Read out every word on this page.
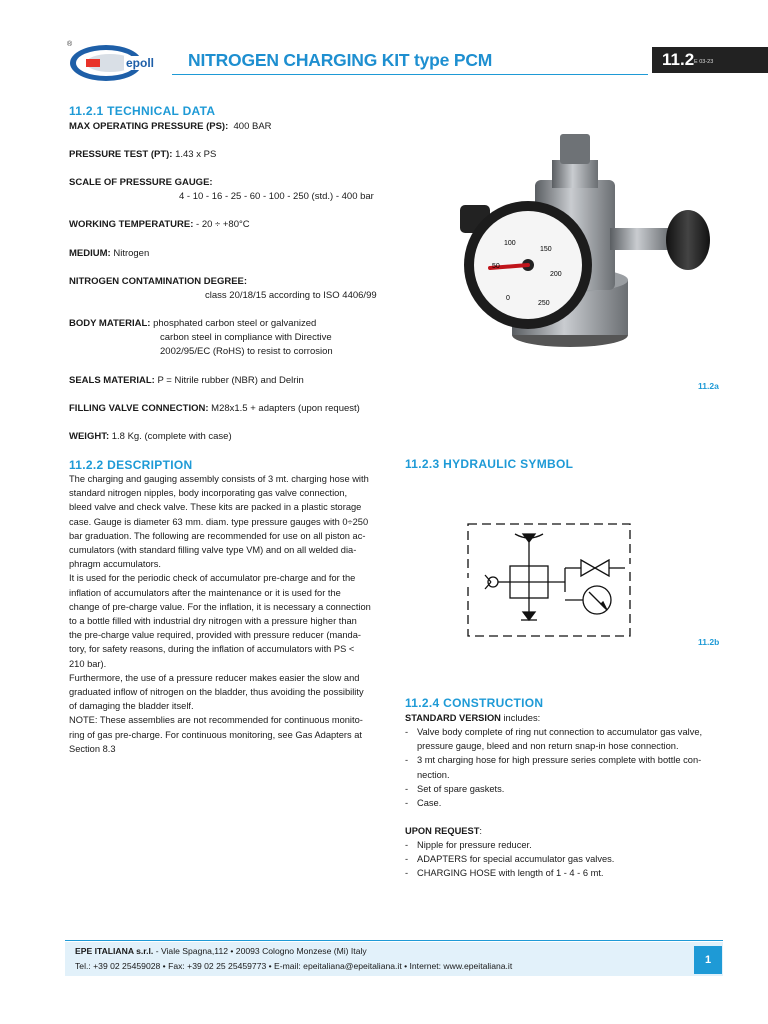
®
epoll NITROGEN CHARGING KIT type PCM	11.2 E 03-23
11.2.1 TECHNICAL DATA
MAX OPERATING PRESSURE (PS): 400 BAR
PRESSURE TEST (PT): 1.43 x PS
SCALE OF PRESSURE GAUGE:
4 - 10 - 16 - 25 - 60 - 100 - 250 (std.) - 400 bar
WORKING TEMPERATURE: - 20 ÷ +80°C
MEDIUM: Nitrogen
NITROGEN CONTAMINATION DEGREE:
class 20/18/15 according to ISO 4406/99
BODY MATERIAL: phosphated carbon steel or galvanized
carbon steel in compliance with Directive
2002/95/EC (RoHS) to resist to corrosion
SEALS MATERIAL: P = Nitrile rubber (NBR) and Delrin
FILLING VALVE CONNECTION: M28x1.5 + adapters (upon request)
WEIGHT: 1.8 Kg. (complete with case)
100
150
50
200
0
250
11.2a
11.2.2 DESCRIPTION
The charging and gauging assembly consists of 3 mt. charging hose with
standard nitrogen nipples, body incorporating gas valve connection,
bleed valve and check valve. These kits are packed in a plastic storage
case. Gauge is diameter 63 mm. diam. type pressure gauges with 0÷250
bar graduation. The following are recommended for use on all piston ac-
cumulators (with standard filling valve type VM) and on all welded dia-
phragm accumulators.
It is used for the periodic check of accumulator pre-charge and for the
inflation of accumulators after the maintenance or it is used for the
change of pre-charge value. For the inflation, it is necessary a connection
to a bottle filled with industrial dry nitrogen with a pressure higher than
the pre-charge value required, provided with pressure reducer (manda-
tory, for safety reasons, during the inflation of accumulators with PS <
210 bar).
Furthermore, the use of a pressure reducer makes easier the slow and
graduated inflow of nitrogen on the bladder, thus avoiding the possibility
of damaging the bladder itself.
NOTE: These assemblies are not recommended for continuous monito-
ring of gas pre-charge. For continuous monitoring, see Gas Adapters at
Section 8.3
11.2.3 HYDRAULIC SYMBOL
11.2b
11.2.4 CONSTRUCTION
STANDARD VERSION includes:
- Valve body complete of ring nut connection to accumulator gas valve,
pressure gauge, bleed and non return snap-in hose connection.
- 3 mt charging hose for high pressure series complete with bottle con-
nection.
- Set of spare gaskets.
- Case.
UPON REQUEST:
- Nipple for pressure reducer.
- ADAPTERS for special accumulator gas valves.
- CHARGING HOSE with length of 1 - 4 - 6 mt.
EPE ITALIANA s.r.l. - Viale Spagna,112 • 20093 Cologno Monzese (Mi) Italy
Tel.: +39 02 25459028 • Fax: +39 02 25 25459773 • E-mail: epeitaliana@epeitaliana.it • Internet: www.epeitaliana.it	1
